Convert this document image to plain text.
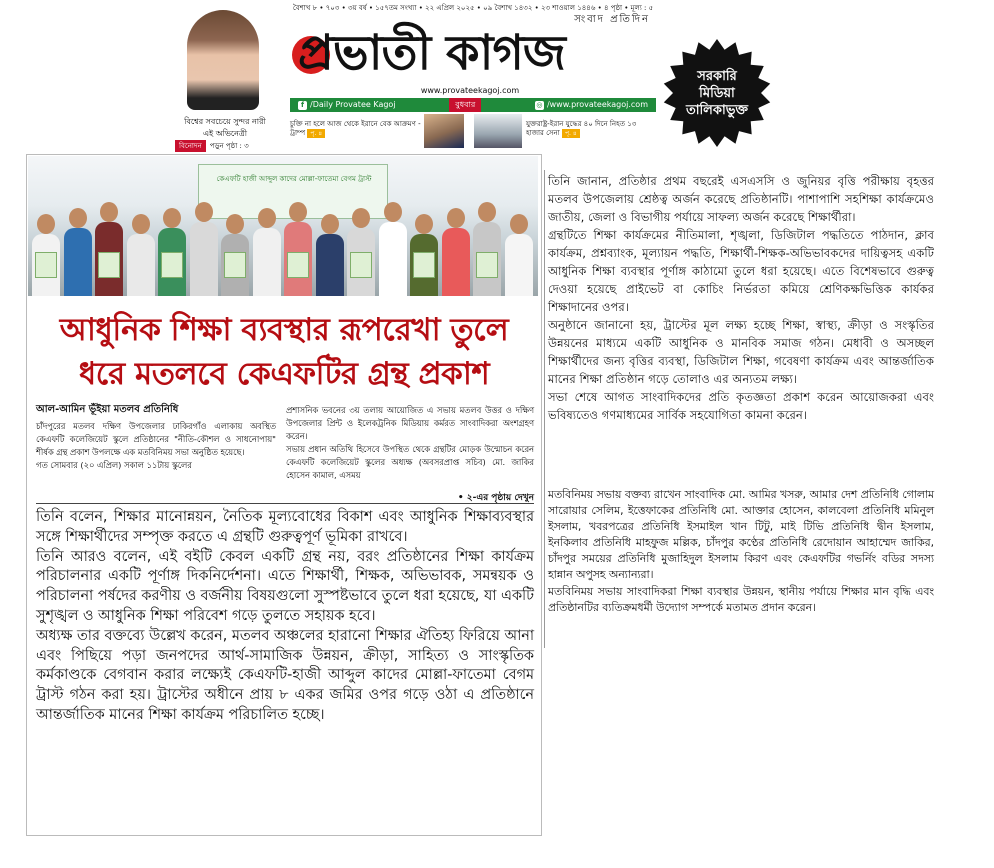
বিশ্বের সবচেয়ে সুন্দর নারী
এই অভিনেত্রী
বিনোদন	পড়ুন পৃষ্ঠা : ৩
বৈশাখ ৮ • ৭০৩ • ৩য় বর্ষ • ১৫৭তম সংখ্যা • ২২ এপ্রিল ২০২৫ • ০৯ বৈশাখ ১৪৩২ • ২৩ শাওয়াল ১৪৪৬ • ৪ পৃষ্ঠা • মূল্য : ৫
সংবাদ প্রতিদিন
প্রভাতী কাগজ
www.provateekagoj.com
f /Daily Provatee Kagoj	বুধবার	◎ /www.provateekagoj.com
চুক্তি না হলে আজ থেকে ইরানে বেক আক্রমণ - ট্রাম্প পৃ. ৪
যুক্তরাষ্ট্র-ইরান যুদ্ধের ৪০ দিনে নিহত ১৩ হাজার সেনা পৃ. ৪
সরকারি
মিডিয়া
তালিকাভুক্ত
কেএফটি হাজী আব্দুল কাদের মোল্লা-ফাতেমা বেগম ট্রাস্ট
আধুনিক শিক্ষা ব্যবস্থার রূপরেখা তুলে
ধরে মতলবে কেএফটির গ্রন্থ প্রকাশ
আল-আমিন ভূঁইয়া মতলব প্রতিনিধি

চাঁদপুরের মতলব দক্ষিণ উপজেলার ঢাকিরগাঁও এলাকায় অবস্থিত কেএফটি কলেজিয়েট স্কুলে প্রতিষ্ঠানের "নীতি-কৌশল ও সাধনোপায়" শীর্ষক গ্রন্থ প্রকাশ উপলক্ষে এক মতবিনিময় সভা অনুষ্ঠিত হয়েছে।

গত সোমবার (২০ এপ্রিল) সকাল ১১টায় স্কুলের

প্রশাসনিক ভবনের ৩য় তলায় আয়োজিত এ সভায় মতলব উত্তর ও দক্ষিণ উপজেলার প্রিন্ট ও ইলেকট্রনিক মিডিয়ায় কর্মরত সাংবাদিকরা অংশগ্রহণ করেন।

সভায় প্রধান অতিথি হিসেবে উপস্থিত থেকে গ্রন্থটির মোড়ক উন্মোচন করেন কেএফটি কলেজিয়েট স্কুলের অধ্যক্ষ (অবসরপ্রাপ্ত সচিব) মো. জাকির হোসেন কামাল, এসময়

• ২-এর পৃষ্ঠায় দেখুন

তিনি বলেন, শিক্ষার মানোন্নয়ন, নৈতিক মূল্যবোধের বিকাশ এবং আধুনিক শিক্ষাব্যবস্থার সঙ্গে শিক্ষার্থীদের সম্পৃক্ত করতে এ গ্রন্থটি গুরুত্বপূর্ণ ভূমিকা রাখবে।

তিনি আরও বলেন, এই বইটি কেবল একটি গ্রন্থ নয়, বরং প্রতিষ্ঠানের শিক্ষা কার্যক্রম পরিচালনার একটি পূর্ণাঙ্গ দিকনির্দেশনা। এতে শিক্ষার্থী, শিক্ষক, অভিভাবক, সমন্বয়ক ও পরিচালনা পর্ষদের করণীয় ও বর্জনীয় বিষয়গুলো সুস্পষ্টভাবে তুলে ধরা হয়েছে, যা একটি সুশৃঙ্খল ও আধুনিক শিক্ষা পরিবেশ গড়ে তুলতে সহায়ক হবে।

অধ্যক্ষ তার বক্তব্যে উল্লেখ করেন, মতলব অঞ্চলের হারানো শিক্ষার ঐতিহ্য ফিরিয়ে আনা এবং পিছিয়ে পড়া জনপদের আর্থ-সামাজিক উন্নয়ন, ক্রীড়া, সাহিত্য ও সাংস্কৃতিক কর্মকাণ্ডকে বেগবান করার লক্ষ্যেই কেএফটি-হাজী আব্দুল কাদের মোল্লা-ফাতেমা বেগম ট্রাস্ট গঠন করা হয়। ট্রাস্টের অধীনে প্রায় ৮ একর জমির ওপর গড়ে ওঠা এ প্রতিষ্ঠানে আন্তর্জাতিক মানের শিক্ষা কার্যক্রম পরিচালিত হচ্ছে।

তিনি জানান, প্রতিষ্ঠার প্রথম বছরেই এসএসসি ও জুনিয়র বৃত্তি পরীক্ষায় বৃহত্তর মতলব উপজেলায় শ্রেষ্ঠত্ব অর্জন করেছে প্রতিষ্ঠানটি। পাশাপাশি সহশিক্ষা কার্যক্রমেও জাতীয়, জেলা ও বিভাগীয় পর্যায়ে সাফল্য অর্জন করেছে শিক্ষার্থীরা।

গ্রন্থটিতে শিক্ষা কার্যক্রমের নীতিমালা, শৃঙ্খলা, ডিজিটাল পদ্ধতিতে পাঠদান, ক্লাব কার্যক্রম, প্রশ্নব্যাংক, মূল্যায়ন পদ্ধতি, শিক্ষার্থী-শিক্ষক-অভিভাবকদের দায়িত্বসহ একটি আধুনিক শিক্ষা ব্যবস্থার পূর্ণাঙ্গ কাঠামো তুলে ধরা হয়েছে। এতে বিশেষভাবে গুরুত্ব দেওয়া হয়েছে প্রাইভেট বা কোচিং নির্ভরতা কমিয়ে শ্রেণিকক্ষভিত্তিক কার্যকর শিক্ষাদানের ওপর।

অনুষ্ঠানে জানানো হয়, ট্রাস্টের মূল লক্ষ্য হচ্ছে শিক্ষা, স্বাস্থ্য, ক্রীড়া ও সংস্কৃতির উন্নয়নের মাধ্যমে একটি আধুনিক ও মানবিক সমাজ গঠন। মেধাবী ও অসচ্ছল শিক্ষার্থীদের জন্য বৃত্তির ব্যবস্থা, ডিজিটাল শিক্ষা, গবেষণা কার্যক্রম এবং আন্তর্জাতিক মানের শিক্ষা প্রতিষ্ঠান গড়ে তোলাও এর অন্যতম লক্ষ্য।

সভা শেষে আগত সাংবাদিকদের প্রতি কৃতজ্ঞতা প্রকাশ করেন আয়োজকরা এবং ভবিষ্যতেও গণমাধ্যমের সার্বিক সহযোগিতা কামনা করেন।

মতবিনিময় সভায় বক্তব্য রাখেন সাংবাদিক মো. আমির খসরু, আমার দেশ প্রতিনিধি গোলাম সারোয়ার সেলিম, ইত্তেফাকের প্রতিনিধি মো. আক্তার হোসেন, কালবেলা প্রতিনিধি মমিনুল ইসলাম, খবরপত্রের প্রতিনিধি ইসমাইল খান টিটু, মাই টিভি প্রতিনিধি দ্বীন ইসলাম, ইনকিলাব প্রতিনিধি মাহফুজ মল্লিক, চাঁদপুর কণ্ঠের প্রতিনিধি রেদোয়ান আহাম্মেদ জাকির, চাঁদপুর সময়ের প্রতিনিধি মুজাহিদুল ইসলাম কিরণ এবং কেএফটির গভর্নিং বডির সদস্য হান্নান অপুসহ অন্যান্যরা।

মতবিনিময় সভায় সাংবাদিকরা শিক্ষা ব্যবস্থার উন্নয়ন, স্থানীয় পর্যায়ে শিক্ষার মান বৃদ্ধি এবং প্রতিষ্ঠানটির ব্যতিক্রমধর্মী উদ্যোগ সম্পর্কে মতামত প্রদান করেন।
